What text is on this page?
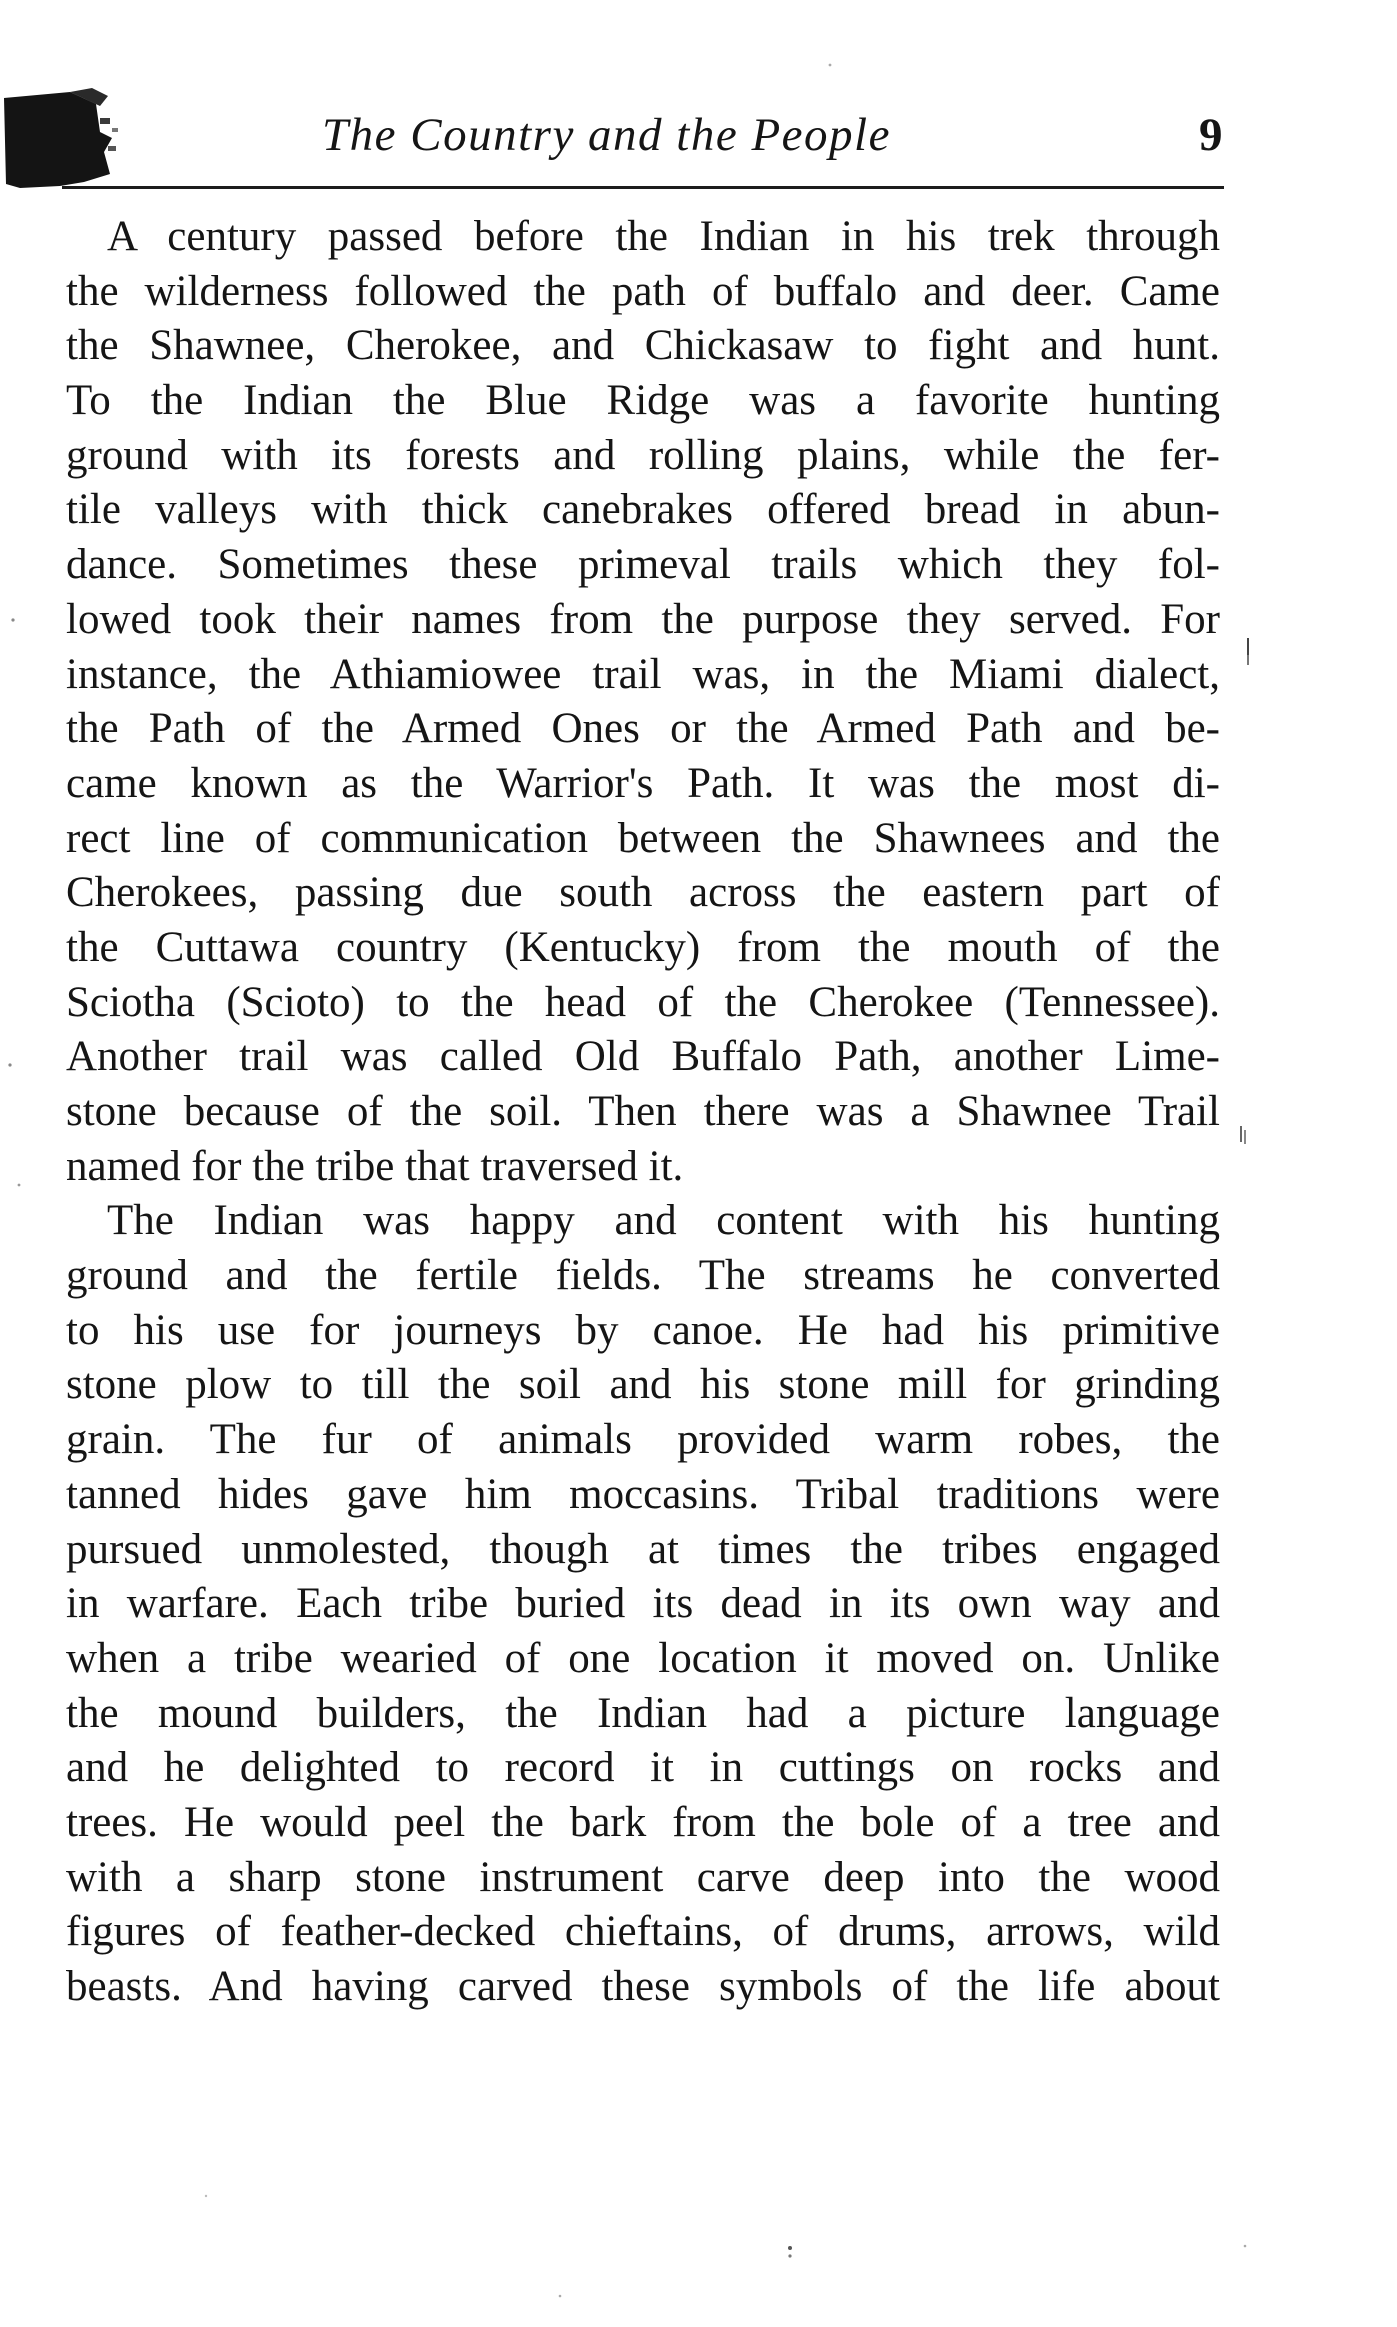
The Country and the People	9
A century passed before the Indian in his trek through
the wilderness followed the path of buffalo and deer. Came
the Shawnee, Cherokee, and Chickasaw to fight and hunt.
To the Indian the Blue Ridge was a favorite hunting
ground with its forests and rolling plains, while the fer-
tile valleys with thick canebrakes offered bread in abun-
dance. Sometimes these primeval trails which they fol-
lowed took their names from the purpose they served. For
instance, the Athiamiowee trail was, in the Miami dialect,
the Path of the Armed Ones or the Armed Path and be-
came known as the Warrior's Path. It was the most di-
rect line of communication between the Shawnees and the
Cherokees, passing due south across the eastern part of
the Cuttawa country (Kentucky) from the mouth of the
Sciotha (Scioto) to the head of the Cherokee (Tennessee).
Another trail was called Old Buffalo Path, another Lime-
stone because of the soil. Then there was a Shawnee Trail
named for the tribe that traversed it.
The Indian was happy and content with his hunting
ground and the fertile fields. The streams he converted
to his use for journeys by canoe. He had his primitive
stone plow to till the soil and his stone mill for grinding
grain. The fur of animals provided warm robes, the
tanned hides gave him moccasins. Tribal traditions were
pursued unmolested, though at times the tribes engaged
in warfare. Each tribe buried its dead in its own way and
when a tribe wearied of one location it moved on. Unlike
the mound builders, the Indian had a picture language
and he delighted to record it in cuttings on rocks and
trees. He would peel the bark from the bole of a tree and
with a sharp stone instrument carve deep into the wood
figures of feather-decked chieftains, of drums, arrows, wild
beasts. And having carved these symbols of the life about
